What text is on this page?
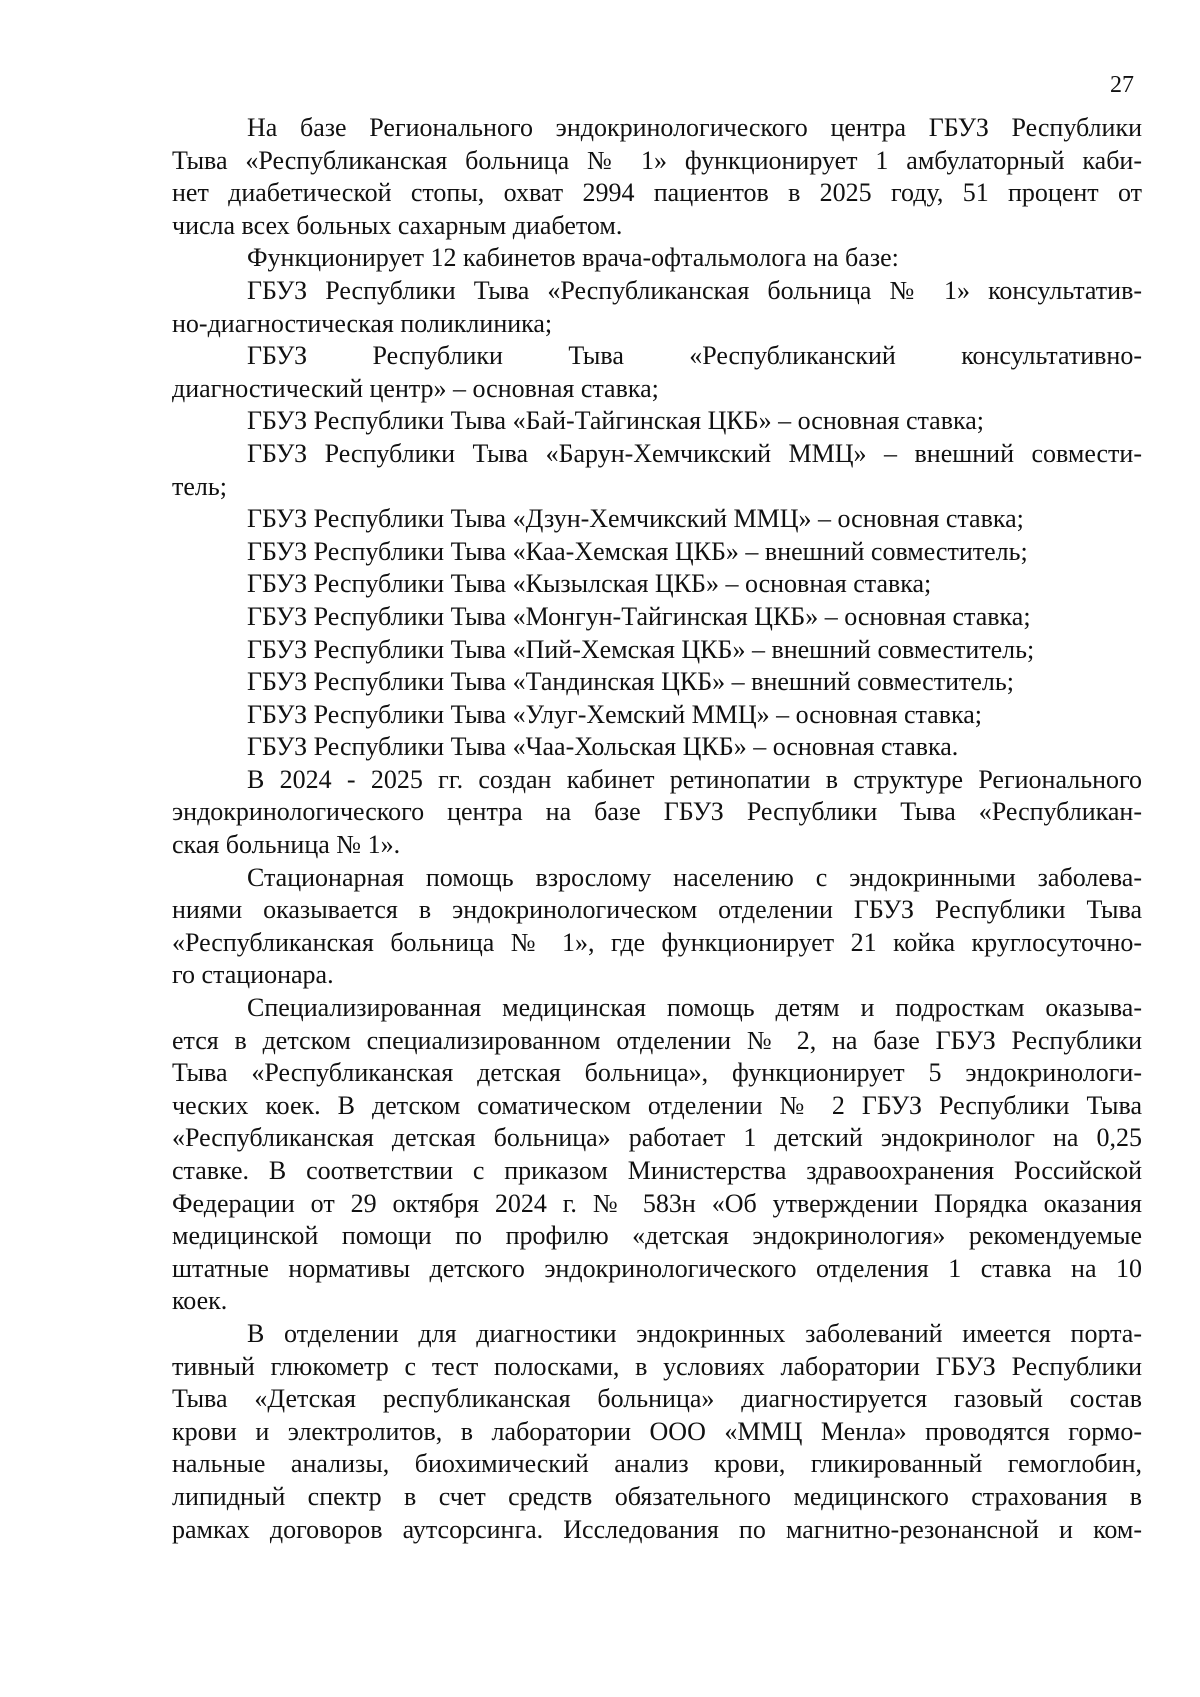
27
На базе Регионального эндокринологического центра ГБУЗ Республики
Тыва «Республиканская больница № 1» функционирует 1 амбулаторный каби-
нет диабетической стопы, охват 2994 пациентов в 2025 году, 51 процент от
числа всех больных сахарным диабетом.
Функционирует 12 кабинетов врача-офтальмолога на базе:
ГБУЗ Республики Тыва «Республиканская больница № 1» консультатив-
но-диагностическая поликлиника;
ГБУЗ	Республики	Тыва	«Республиканский	консультативно-
диагностический центр» – основная ставка;
ГБУЗ Республики Тыва «Бай-Тайгинская ЦКБ» – основная ставка;
ГБУЗ Республики Тыва «Барун-Хемчикский ММЦ» – внешний совмести-
тель;
ГБУЗ Республики Тыва «Дзун-Хемчикский ММЦ» – основная ставка;
ГБУЗ Республики Тыва «Каа-Хемская ЦКБ» – внешний совместитель;
ГБУЗ Республики Тыва «Кызылская ЦКБ» – основная ставка;
ГБУЗ Республики Тыва «Монгун-Тайгинская ЦКБ» – основная ставка;
ГБУЗ Республики Тыва «Пий-Хемская ЦКБ» – внешний совместитель;
ГБУЗ Республики Тыва «Тандинская ЦКБ» – внешний совместитель;
ГБУЗ Республики Тыва «Улуг-Хемский ММЦ» – основная ставка;
ГБУЗ Республики Тыва «Чаа-Хольская ЦКБ» – основная ставка.
В 2024 - 2025 гг. создан кабинет ретинопатии в структуре Регионального
эндокринологического центра на базе ГБУЗ Республики Тыва «Республикан-
ская больница № 1».
Стационарная помощь взрослому населению с эндокринными заболева-
ниями оказывается в эндокринологическом отделении ГБУЗ Республики Тыва
«Республиканская больница № 1», где функционирует 21 койка круглосуточно-
го стационара.
Специализированная медицинская помощь детям и подросткам оказыва-
ется в детском специализированном отделении № 2, на базе ГБУЗ Республики
Тыва «Республиканская детская больница», функционирует 5 эндокринологи-
ческих коек. В детском соматическом отделении № 2 ГБУЗ Республики Тыва
«Республиканская детская больница» работает 1 детский эндокринолог на 0,25
ставке. В соответствии с приказом Министерства здравоохранения Российской
Федерации от 29 октября 2024 г. № 583н «Об утверждении Порядка оказания
медицинской помощи по профилю «детская эндокринология» рекомендуемые
штатные нормативы детского эндокринологического отделения 1 ставка на 10
коек.
В отделении для диагностики эндокринных заболеваний имеется порта-
тивный глюкометр с тест полосками, в условиях лаборатории ГБУЗ Республики
Тыва «Детская республиканская больница» диагностируется газовый состав
крови и электролитов, в лаборатории ООО «ММЦ Менла» проводятся гормо-
нальные анализы, биохимический анализ крови, гликированный гемоглобин,
липидный спектр в счет средств обязательного медицинского страхования в
рамках договоров аутсорсинга. Исследования по магнитно-резонансной и ком-
